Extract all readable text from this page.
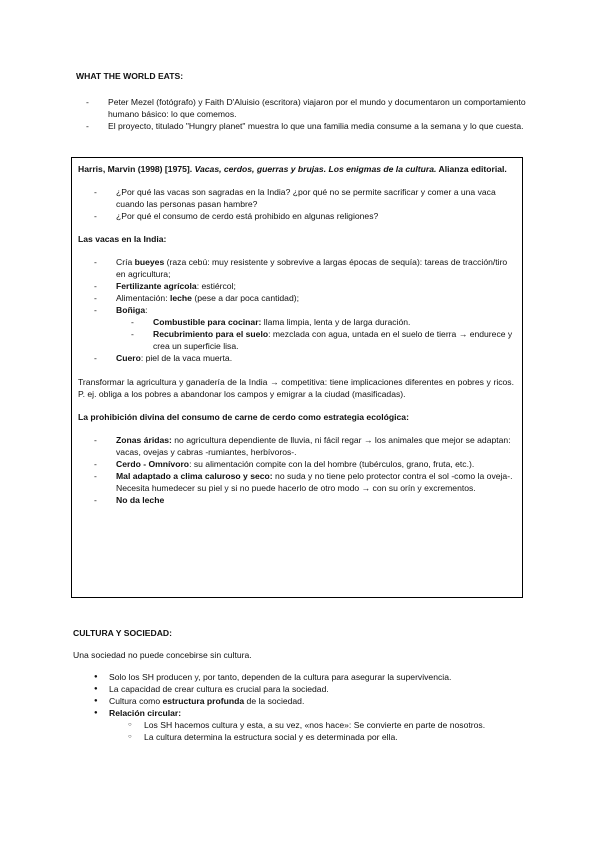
WHAT THE WORLD EATS:
- Peter Mezel (fotógrafo) y Faith D'Aluisio (escritora) viajaron por el mundo y documentaron un comportamiento humano básico: lo que comemos.
- El proyecto, titulado "Hungry planet" muestra lo que una familia media consume a la semana y lo que cuesta.
Harris, Marvin (1998) [1975]. Vacas, cerdos, guerras y brujas. Los enigmas de la cultura. Alianza editorial.
- ¿Por qué las vacas son sagradas en la India? ¿por qué no se permite sacrificar y comer a una vaca cuando las personas pasan hambre?
- ¿Por qué el consumo de cerdo está prohibido en algunas religiones?
Las vacas en la India:
- Cría bueyes (raza cebú: muy resistente y sobrevive a largas épocas de sequía): tareas de tracción/tiro en agricultura;
- Fertilizante agrícola: estiércol;
- Alimentación: leche (pese a dar poca cantidad);
- Boñiga:
- Combustible para cocinar: llama limpia, lenta y de larga duración.
- Recubrimiento para el suelo: mezclada con agua, untada en el suelo de tierra → endurece y crea un superficie lisa.
- Cuero: piel de la vaca muerta.
Transformar la agricultura y ganadería de la India → competitiva: tiene implicaciones diferentes en pobres y ricos. P. ej. obliga a los pobres a abandonar los campos y emigrar a la ciudad (masificadas).
La prohibición divina del consumo de carne de cerdo como estrategia ecológica:
- Zonas áridas: no agricultura dependiente de lluvia, ni fácil regar → los animales que mejor se adaptan: vacas, ovejas y cabras -rumiantes, herbívoros-.
- Cerdo - Omnívoro: su alimentación compite con la del hombre (tubérculos, grano, fruta, etc.).
- Mal adaptado a clima caluroso y seco: no suda y no tiene pelo protector contra el sol -como la oveja-. Necesita humedecer su piel y si no puede hacerlo de otro modo → con su orín y excrementos.
- No da leche
CULTURA Y SOCIEDAD:
Una sociedad no puede concebirse sin cultura.
● Solo los SH producen y, por tanto, dependen de la cultura para asegurar la supervivencia.
● La capacidad de crear cultura es crucial para la sociedad.
● Cultura como estructura profunda de la sociedad.
● Relación circular:
○ Los SH hacemos cultura y esta, a su vez, «nos hace»: Se convierte en parte de nosotros.
○ La cultura determina la estructura social y es determinada por ella.
